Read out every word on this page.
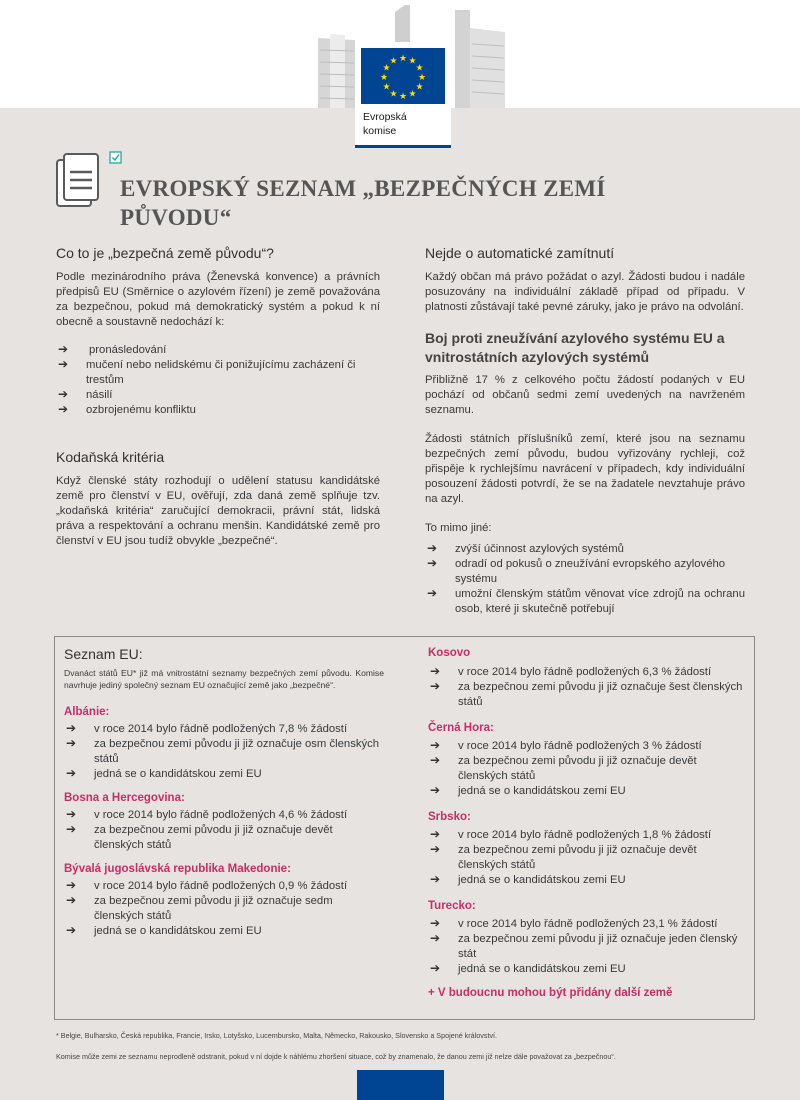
★ ★
★
★
★
★
★
★
★
★
★
★
Evropská
komise
EVROPSKÝ SEZNAM „BEZPEČNÝCH ZEMÍ
PŮVODU“
Co to je „bezpečná země původu“?
Podle mezinárodního práva (Ženevská konvence) a právních předpisů EU (Směrnice o azylovém řízení) je země považována za bezpečnou, pokud má demokratický systém a pokud k ní obecně a soustavně nedochází k:
➔ pronásledování
➔ mučení nebo nelidskému či ponižujícímu zacházení či trestům
➔ násilí
➔ ozbrojenému konfliktu
Kodaňská kritéria
Když členské státy rozhodují o udělení statusu kandidátské země pro členství v EU, ověřují, zda daná země splňuje tzv. „kodaňská kritéria“ zaručující demokracii, právní stát, lidská práva a respektování a ochranu menšin. Kandidátské země pro členství v EU jsou tudíž obvykle „bezpečné“.
Nejde o automatické zamítnutí
Každý občan má právo požádat o azyl. Žádosti budou i nadále posuzovány na individuální základě případ od případu. V platnosti zůstávají také pevné záruky, jako je právo na odvolání.
Boj proti zneužívání azylového systému EU a
vnitrostátních azylových systémů
Přibližně 17 % z celkového počtu žádostí podaných v EU pochází od občanů sedmi zemí uvedených na navrženém seznamu.
Žádosti státních příslušníků zemí, které jsou na seznamu bezpečných zemí původu, budou vyřizovány rychleji, což přispěje k rychlejšímu navrácení v případech, kdy individuální posouzení žádosti potvrdí, že se na žadatele nevztahuje právo na azyl.
To mimo jiné:
➔ zvýší účinnost azylových systémů
➔ odradí od pokusů o zneužívání evropského azylového systému
➔ umožní členským státům věnovat více zdrojů na ochranu osob, které ji skutečně potřebují
Seznam EU:
Dvanáct států EU* již má vnitrostátní seznamy bezpečných zemí původu. Komise navrhuje jediný společný seznam EU označující země jako „bezpečné“.
Albánie:
➔ v roce 2014 bylo řádně podložených 7,8 % žádostí
➔ za bezpečnou zemi původu ji již označuje osm členských států
➔ jedná se o kandidátskou zemi EU
Bosna a Hercegovina:
➔ v roce 2014 bylo řádně podložených 4,6 % žádostí
➔ za bezpečnou zemi původu ji již označuje devět členských států
Bývalá jugoslávská republika Makedonie:
➔ v roce 2014 bylo řádně podložených 0,9 % žádostí
➔ za bezpečnou zemi původu ji již označuje sedm členských států
➔ jedná se o kandidátskou zemi EU
Kosovo
➔ v roce 2014 bylo řádně podložených 6,3 % žádostí
➔ za bezpečnou zemi původu ji již označuje šest členských států
Černá Hora:
➔ v roce 2014 bylo řádně podložených 3 % žádostí
➔ za bezpečnou zemi původu ji již označuje devět členských států
➔ jedná se o kandidátskou zemi EU
Srbsko:
➔ v roce 2014 bylo řádně podložených 1,8 % žádostí
➔ za bezpečnou zemi původu ji již označuje devět členských států
➔ jedná se o kandidátskou zemi EU
Turecko:
➔ v roce 2014 bylo řádně podložených 23,1 % žádostí
➔ za bezpečnou zemi původu ji již označuje jeden členský stát
➔ jedná se o kandidátskou zemi EU
+ V budoucnu mohou být přidány další země
* Belgie, Bulharsko, Česká republika, Francie, Irsko, Lotyšsko, Lucembursko, Malta, Německo, Rakousko, Slovensko a Spojené království.
Komise může zemi ze seznamu neprodleně odstranit, pokud v ní dojde k náhlému zhoršení situace, což by znamenalo, že danou zemi již nelze dále považovat za „bezpečnou“.
